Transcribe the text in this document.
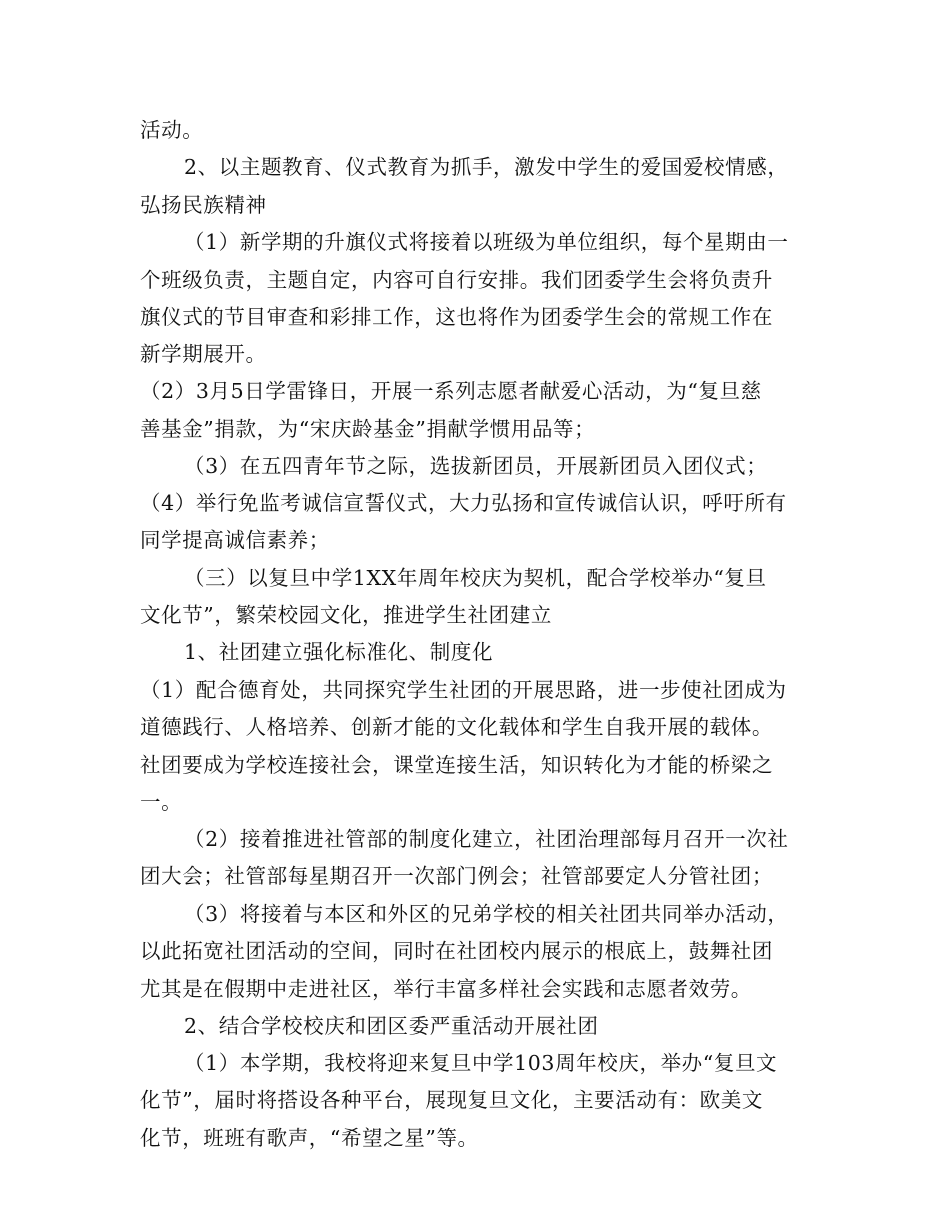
活动。

2、以主题教育、仪式教育为抓手，激发中学生的爱国爱校情感，

弘扬民族精神

（1）新学期的升旗仪式将接着以班级为单位组织，每个星期由一

个班级负责，主题自定，内容可自行安排。我们团委学生会将负责升

旗仪式的节目审查和彩排工作，这也将作为团委学生会的常规工作在

新学期展开。

（2）3月5日学雷锋日，开展一系列志愿者献爱心活动，为“复旦慈

善基金”捐款，为“宋庆龄基金”捐献学惯用品等；

（3）在五四青年节之际，选拔新团员，开展新团员入团仪式；

（4）举行免监考诚信宣誓仪式，大力弘扬和宣传诚信认识，呼吁所有

同学提高诚信素养；

（三）以复旦中学1XX年周年校庆为契机，配合学校举办“复旦

文化节”，繁荣校园文化，推进学生社团建立

1、社团建立强化标准化、制度化

（1）配合德育处，共同探究学生社团的开展思路，进一步使社团成为

道德践行、人格培养、创新才能的文化载体和学生自我开展的载体。

社团要成为学校连接社会，课堂连接生活，知识转化为才能的桥梁之

一。

（2）接着推进社管部的制度化建立，社团治理部每月召开一次社

团大会；社管部每星期召开一次部门例会；社管部要定人分管社团；

（3）将接着与本区和外区的兄弟学校的相关社团共同举办活动，

以此拓宽社团活动的空间，同时在社团校内展示的根底上，鼓舞社团

尤其是在假期中走进社区，举行丰富多样社会实践和志愿者效劳。

2、结合学校校庆和团区委严重活动开展社团

（1）本学期，我校将迎来复旦中学103周年校庆，举办“复旦文

化节”，届时将搭设各种平台，展现复旦文化，主要活动有：欧美文

化节，班班有歌声，“希望之星”等。
